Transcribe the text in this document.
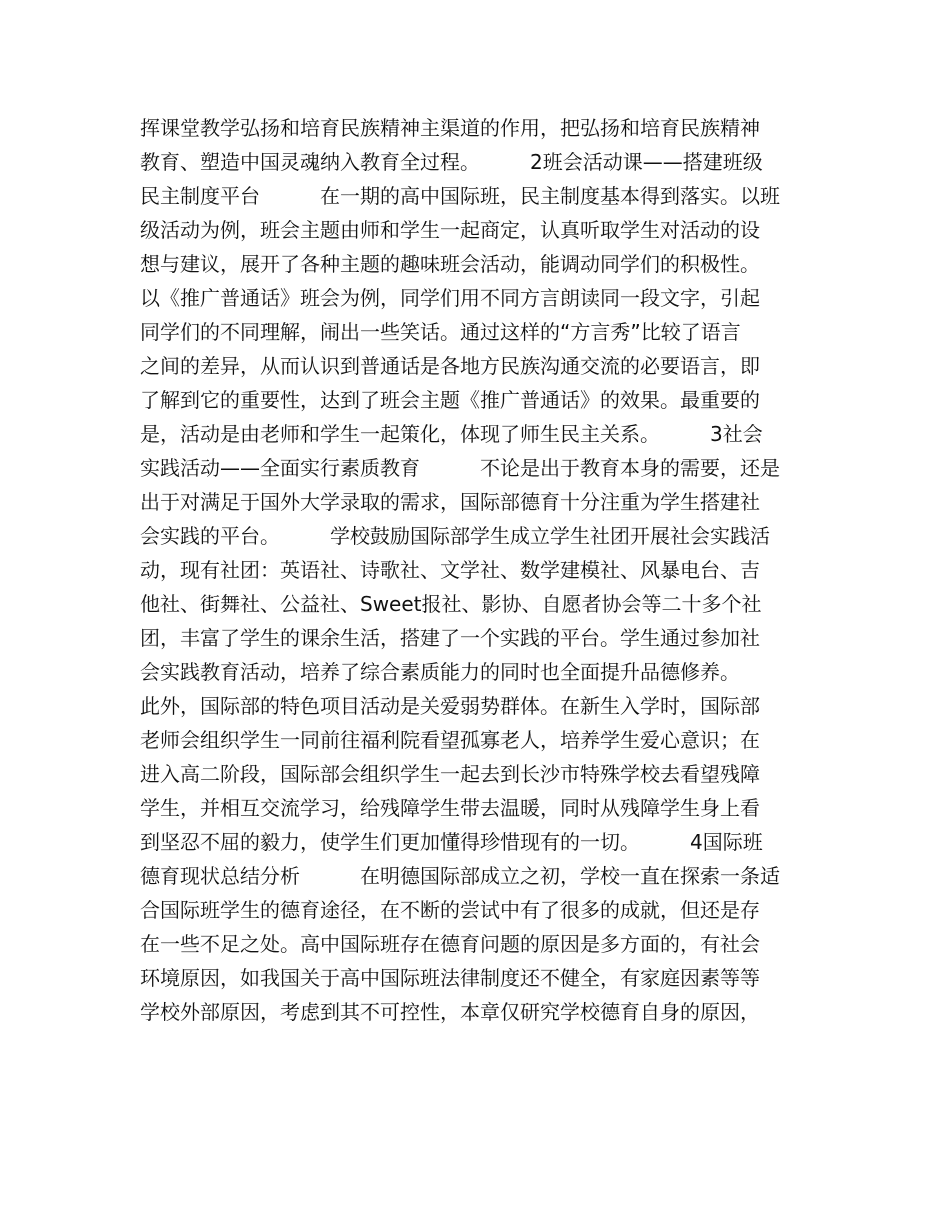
挥课堂教学弘扬和培育民族精神主渠道的作用，把弘扬和培育民族精神
教育、塑造中国灵魂纳入教育全过程。　　　2班会活动课——搭建班级
民主制度平台　　　在一期的高中国际班，民主制度基本得到落实。以班
级活动为例，班会主题由师和学生一起商定，认真听取学生对活动的设
想与建议，展开了各种主题的趣味班会活动，能调动同学们的积极性。
以《推广普通话》班会为例，同学们用不同方言朗读同一段文字，引起
同学们的不同理解，闹出一些笑话。通过这样的“方言秀”比较了语言
之间的差异，从而认识到普通话是各地方民族沟通交流的必要语言，即
了解到它的重要性，达到了班会主题《推广普通话》的效果。最重要的
是，活动是由老师和学生一起策化，体现了师生民主关系。　　　3社会
实践活动——全面实行素质教育　　　不论是出于教育本身的需要，还是
出于对满足于国外大学录取的需求，国际部德育十分注重为学生搭建社
会实践的平台。　　　学校鼓励国际部学生成立学生社团开展社会实践活
动，现有社团：英语社、诗歌社、文学社、数学建模社、风暴电台、吉
他社、街舞社、公益社、Sweet报社、影协、自愿者协会等二十多个社
团，丰富了学生的课余生活，搭建了一个实践的平台。学生通过参加社
会实践教育活动，培养了综合素质能力的同时也全面提升品德修养。
此外，国际部的特色项目活动是关爱弱势群体。在新生入学时，国际部
老师会组织学生一同前往福利院看望孤寡老人，培养学生爱心意识；在
进入高二阶段，国际部会组织学生一起去到长沙市特殊学校去看望残障
学生，并相互交流学习，给残障学生带去温暖，同时从残障学生身上看
到坚忍不屈的毅力，使学生们更加懂得珍惜现有的一切。　　　4国际班
德育现状总结分析　　　在明德国际部成立之初，学校一直在探索一条适
合国际班学生的德育途径，在不断的尝试中有了很多的成就，但还是存
在一些不足之处。高中国际班存在德育问题的原因是多方面的，有社会
环境原因，如我国关于高中国际班法律制度还不健全，有家庭因素等等
学校外部原因，考虑到其不可控性，本章仅研究学校德育自身的原因，
